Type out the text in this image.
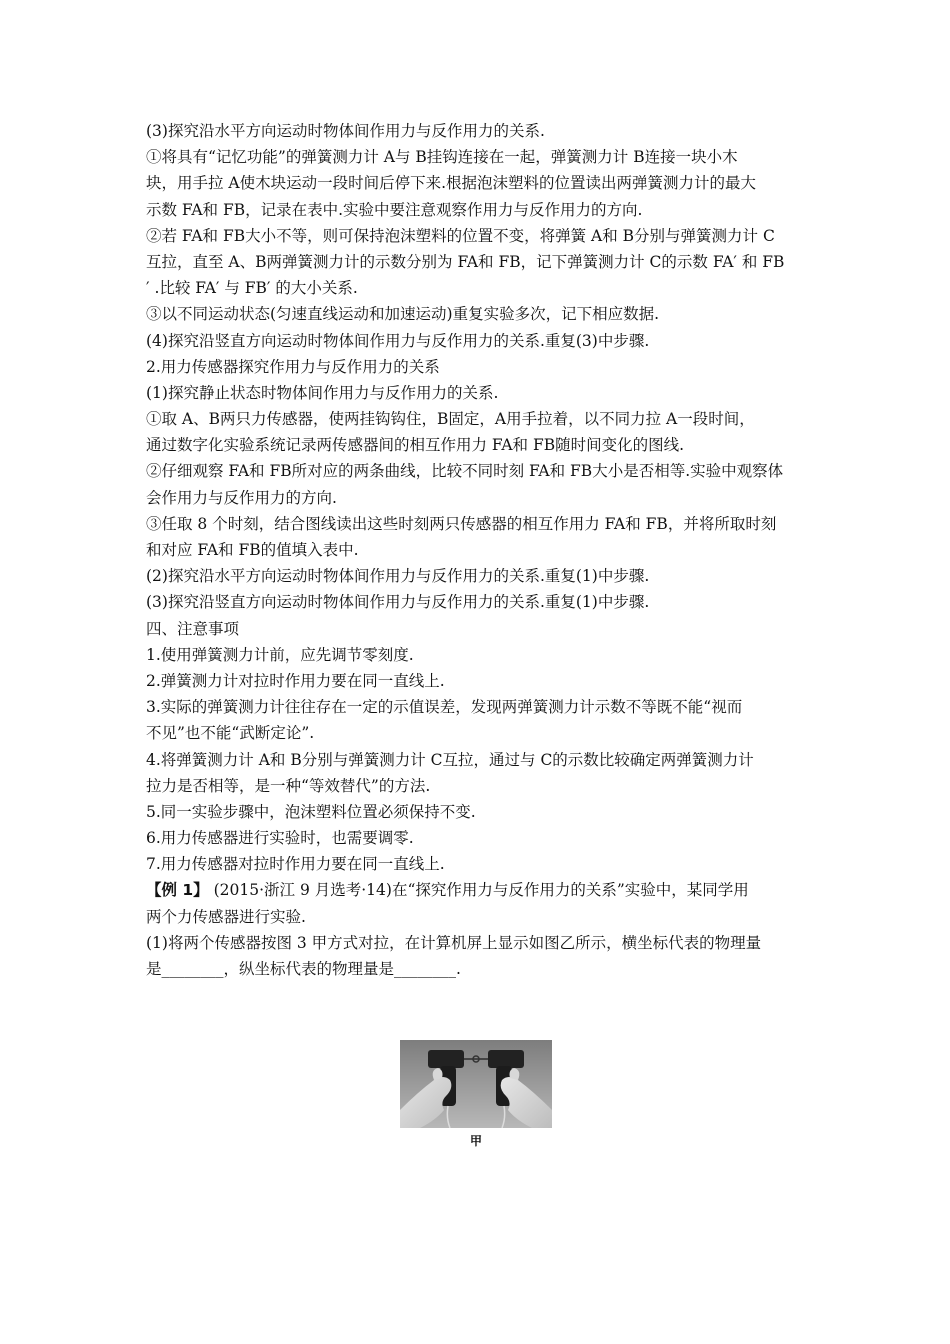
(3)探究沿水平方向运动时物体间作用力与反作用力的关系.
①将具有“记忆功能”的弹簧测力计 A与 B挂钩连接在一起，弹簧测力计 B连接一块小木
块，用手拉 A使木块运动一段时间后停下来.根据泡沫塑料的位置读出两弹簧测力计的最大
示数 FA和 FB，记录在表中.实验中要注意观察作用力与反作用力的方向.
②若 FA和 FB大小不等，则可保持泡沫塑料的位置不变，将弹簧 A和 B分别与弹簧测力计 C
互拉，直至 A、B两弹簧测力计的示数分别为 FA和 FB，记下弹簧测力计 C的示数 FA′ 和 FB
′ .比较 FA′ 与 FB′ 的大小关系.
③以不同运动状态(匀速直线运动和加速运动)重复实验多次，记下相应数据.
(4)探究沿竖直方向运动时物体间作用力与反作用力的关系.重复(3)中步骤.
2.用力传感器探究作用力与反作用力的关系
(1)探究静止状态时物体间作用力与反作用力的关系.
①取 A、B两只力传感器，使两挂钩钩住，B固定，A用手拉着，以不同力拉 A一段时间，
通过数字化实验系统记录两传感器间的相互作用力 FA和 FB随时间变化的图线.
②仔细观察 FA和 FB所对应的两条曲线，比较不同时刻 FA和 FB大小是否相等.实验中观察体
会作用力与反作用力的方向.
③任取 8 个时刻，结合图线读出这些时刻两只传感器的相互作用力 FA和 FB，并将所取时刻
和对应 FA和 FB的值填入表中.
(2)探究沿水平方向运动时物体间作用力与反作用力的关系.重复(1)中步骤.
(3)探究沿竖直方向运动时物体间作用力与反作用力的关系.重复(1)中步骤.
四、注意事项
1.使用弹簧测力计前，应先调节零刻度.
2.弹簧测力计对拉时作用力要在同一直线上.
3.实际的弹簧测力计往往存在一定的示值误差，发现两弹簧测力计示数不等既不能“视而
不见”也不能“武断定论”.
4.将弹簧测力计 A和 B分别与弹簧测力计 C互拉，通过与 C的示数比较确定两弹簧测力计
拉力是否相等，是一种“等效替代”的方法.
5.同一实验步骤中，泡沫塑料位置必须保持不变.
6.用力传感器进行实验时，也需要调零.
7.用力传感器对拉时作用力要在同一直线上.
【例 1】 (2015·浙江 9 月选考·14)在“探究作用力与反作用力的关系”实验中，某同学用
两个力传感器进行实验.
(1)将两个传感器按图 3 甲方式对拉，在计算机屏上显示如图乙所示，横坐标代表的物理量
是________，纵坐标代表的物理量是________.
甲
